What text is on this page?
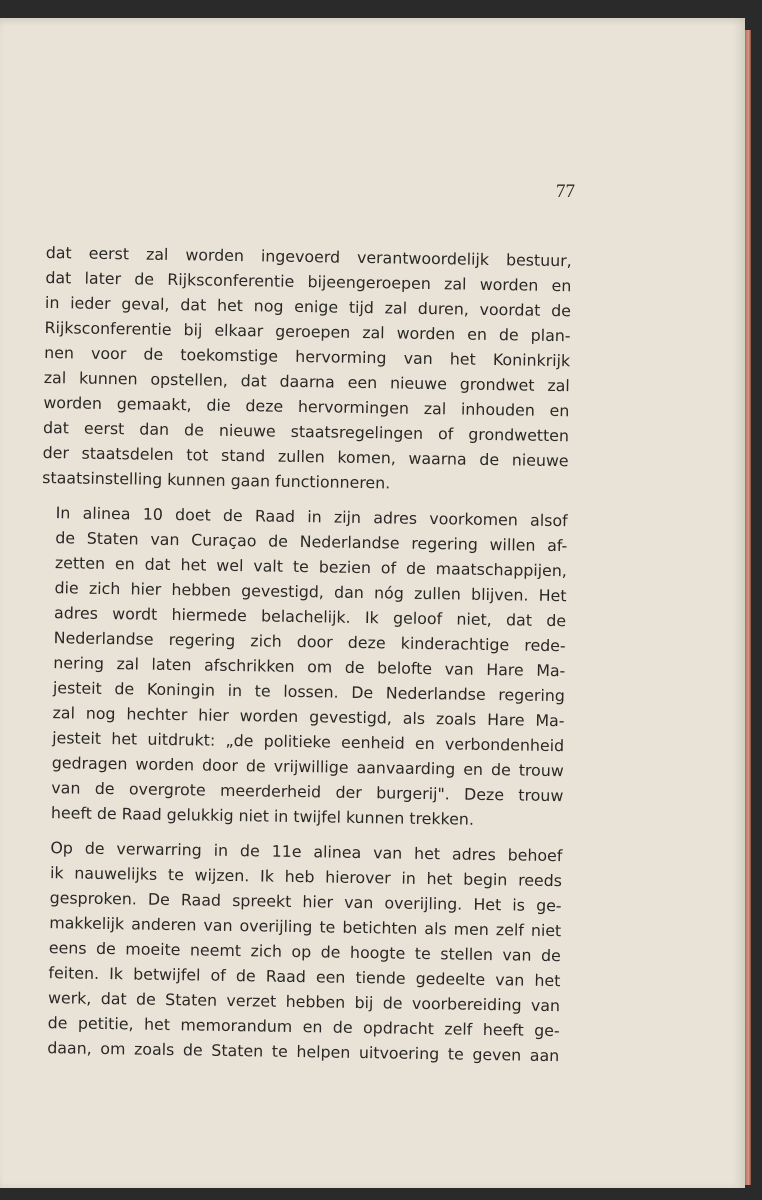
77

dat eerst zal worden ingevoerd verantwoordelijk bestuur,
dat later de Rijksconferentie bijeengeroepen zal worden en
in ieder geval, dat het nog enige tijd zal duren, voordat de
Rijksconferentie bij elkaar geroepen zal worden en de plan-
nen voor de toekomstige hervorming van het Koninkrijk
zal kunnen opstellen, dat daarna een nieuwe grondwet zal
worden gemaakt, die deze hervormingen zal inhouden en
dat eerst dan de nieuwe staatsregelingen of grondwetten
der staatsdelen tot stand zullen komen, waarna de nieuwe
staatsinstelling kunnen gaan functionneren.

In alinea 10 doet de Raad in zijn adres voorkomen alsof
de Staten van Curaçao de Nederlandse regering willen af-
zetten en dat het wel valt te bezien of de maatschappijen,
die zich hier hebben gevestigd, dan nóg zullen blijven. Het
adres wordt hiermede belachelijk. Ik geloof niet, dat de
Nederlandse regering zich door deze kinderachtige rede-
nering zal laten afschrikken om de belofte van Hare Ma-
jesteit de Koningin in te lossen. De Nederlandse regering
zal nog hechter hier worden gevestigd, als zoals Hare Ma-
jesteit het uitdrukt: „de politieke eenheid en verbondenheid
gedragen worden door de vrijwillige aanvaarding en de trouw
van de overgrote meerderheid der burgerij". Deze trouw
heeft de Raad gelukkig niet in twijfel kunnen trekken.

Op de verwarring in de 11e alinea van het adres behoef
ik nauwelijks te wijzen. Ik heb hierover in het begin reeds
gesproken. De Raad spreekt hier van overijling. Het is ge-
makkelijk anderen van overijling te betichten als men zelf niet
eens de moeite neemt zich op de hoogte te stellen van de
feiten. Ik betwijfel of de Raad een tiende gedeelte van het
werk, dat de Staten verzet hebben bij de voorbereiding van
de petitie, het memorandum en de opdracht zelf heeft ge-
daan, om zoals de Staten te helpen uitvoering te geven aan
